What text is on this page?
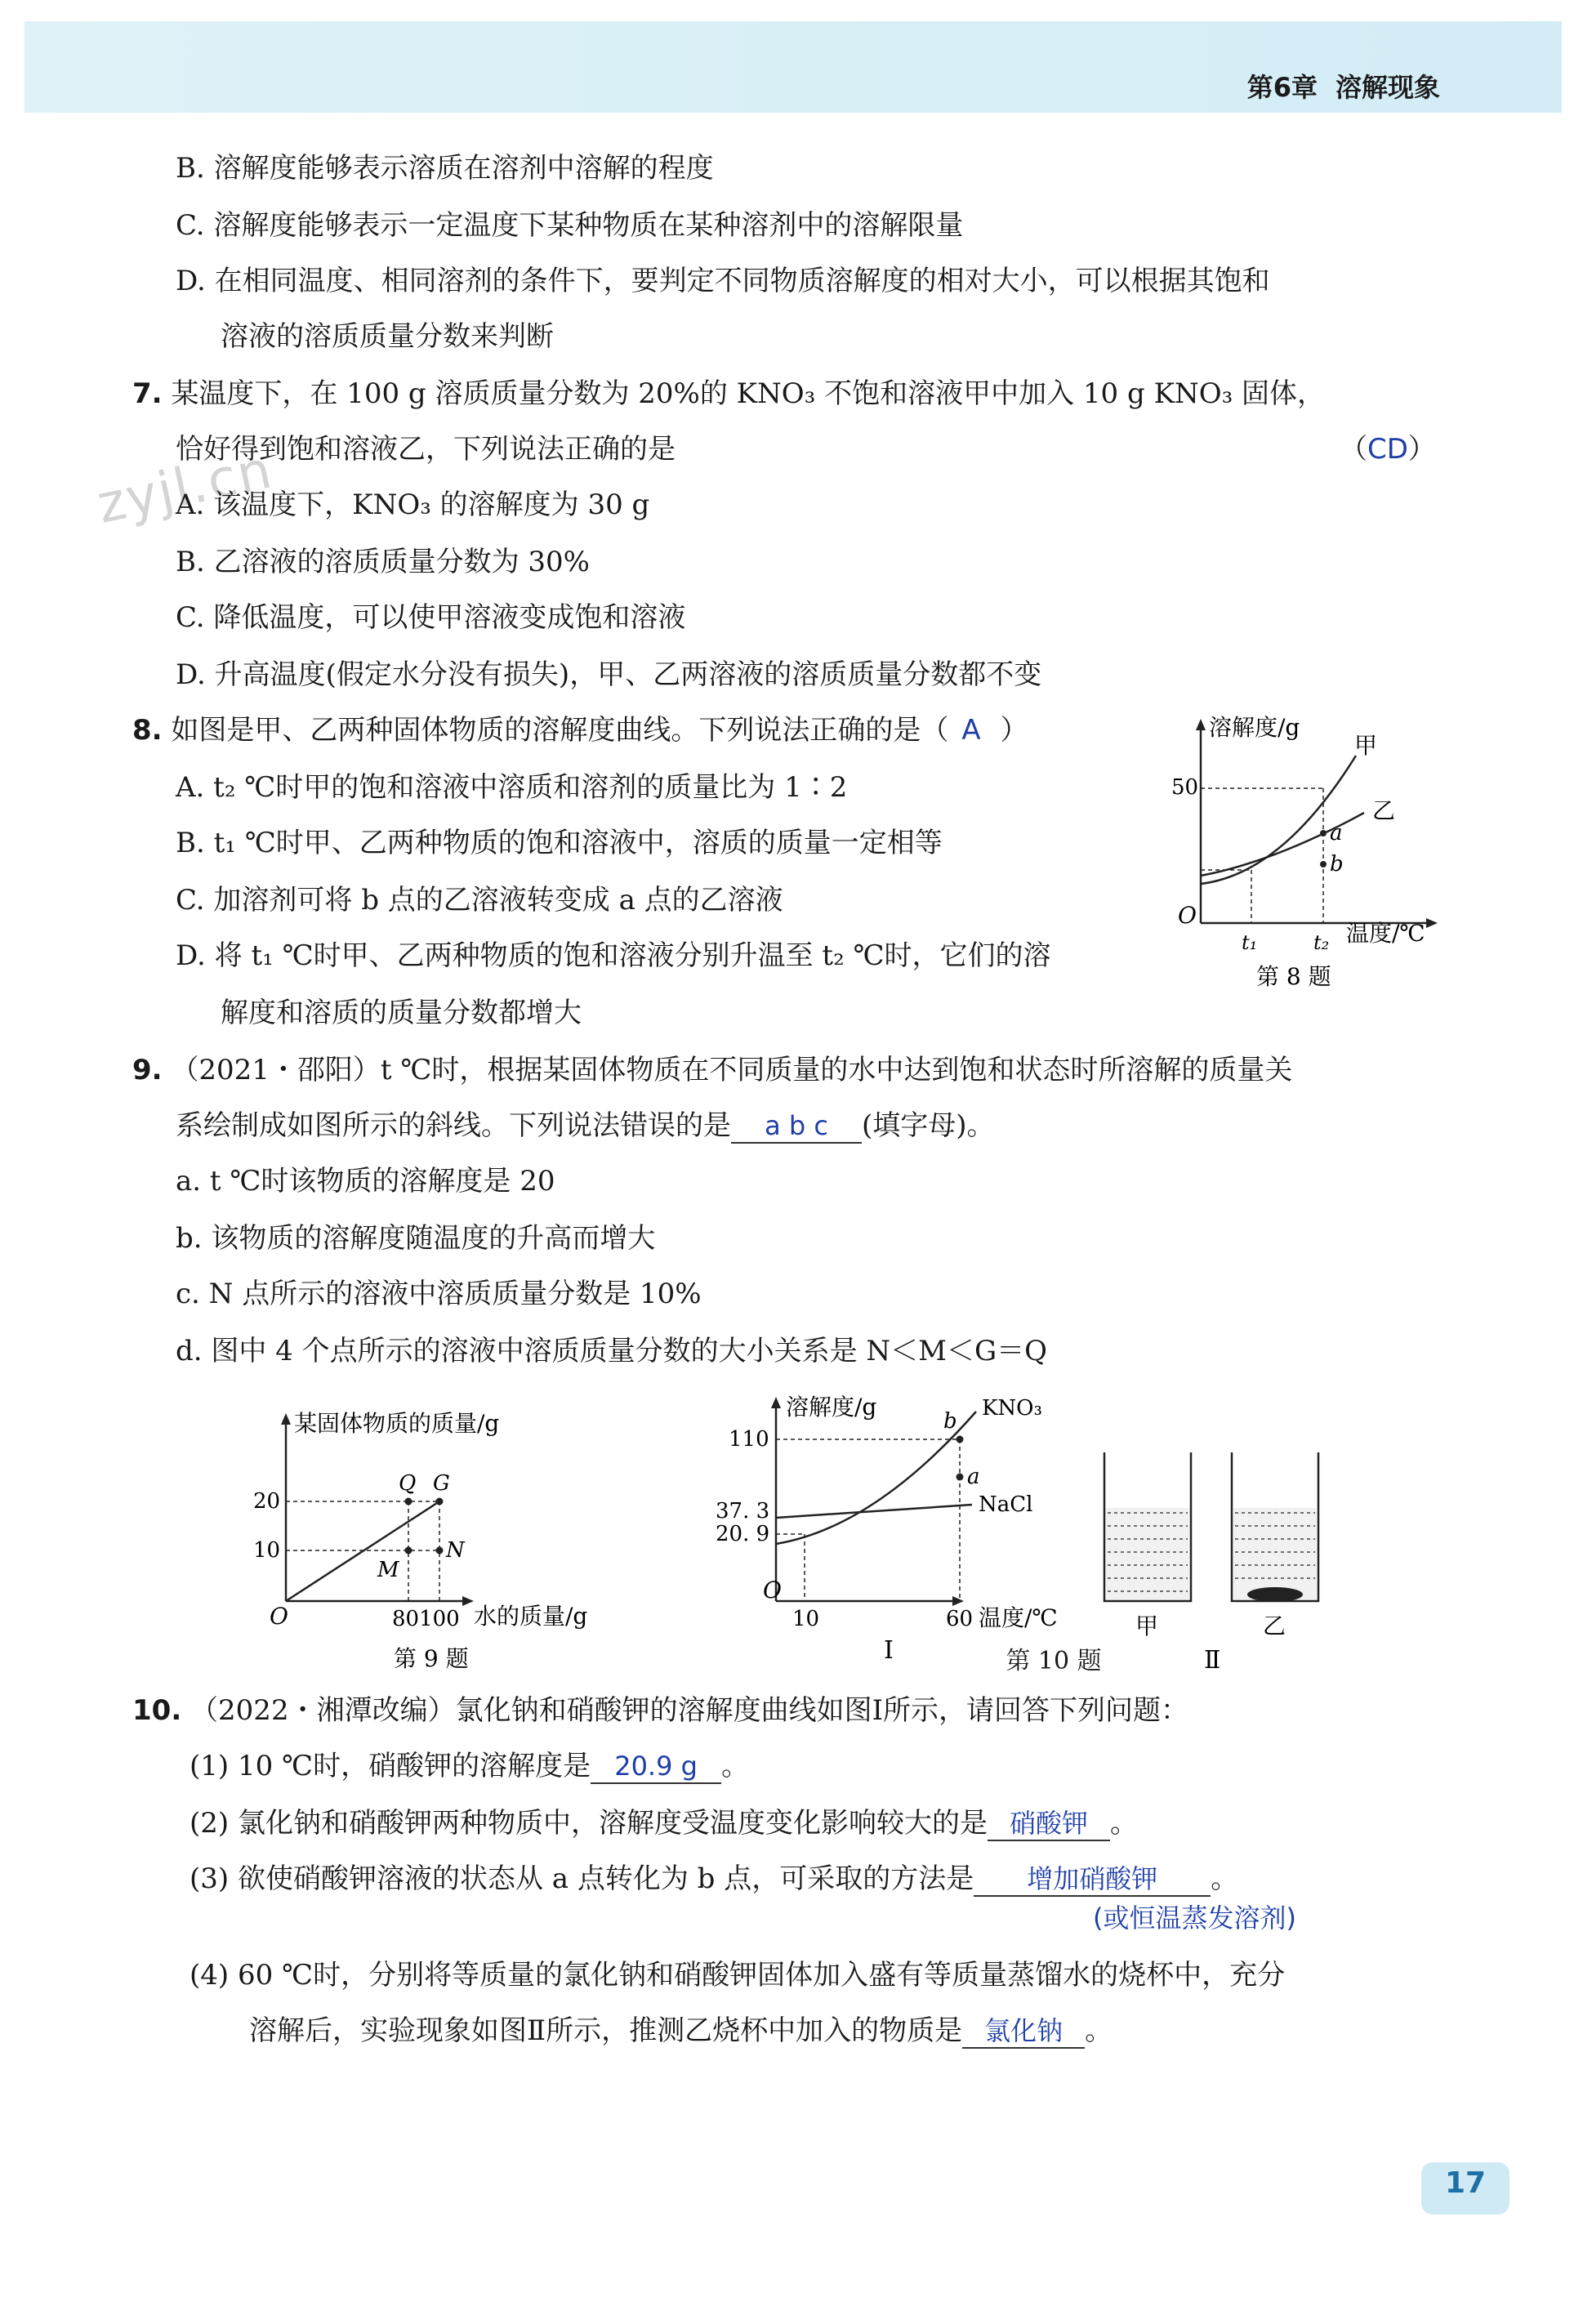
第6章 溶解现象
zyjl.cn
B. 溶解度能够表示溶质在溶剂中溶解的程度
C. 溶解度能够表示一定温度下某种物质在某种溶剂中的溶解限量
D. 在相同温度、相同溶剂的条件下，要判定不同物质溶解度的相对大小，可以根据其饱和
溶液的溶质质量分数来判断
7. 某温度下，在 100 g 溶质质量分数为 20%的 KNO₃ 不饱和溶液甲中加入 10 g KNO₃ 固体，
恰好得到饱和溶液乙，下列说法正确的是	（CD）
A. 该温度下，KNO₃ 的溶解度为 30 g
B. 乙溶液的溶质质量分数为 30%
C. 降低温度，可以使甲溶液变成饱和溶液
D. 升高温度(假定水分没有损失)，甲、乙两溶液的溶质质量分数都不变
8. 如图是甲、乙两种固体物质的溶解度曲线。下列说法正确的是（ A ）
A. t₂ ℃时甲的饱和溶液中溶质和溶剂的质量比为 1∶2
B. t₁ ℃时甲、乙两种物质的饱和溶液中，溶质的质量一定相等
C. 加溶剂可将 b 点的乙溶液转变成 a 点的乙溶液
D. 将 t₁ ℃时甲、乙两种物质的饱和溶液分别升温至 t₂ ℃时，它们的溶
解度和溶质的质量分数都增大
溶解度/g
温度/℃
O
50
甲
乙
a
b
t₁	t₂
第 8 题
9. （2021・邵阳）t ℃时，根据某固体物质在不同质量的水中达到饱和状态时所溶解的质量关
系绘制成如图所示的斜线。下列说法错误的是 a b c (填字母)。
a. t ℃时该物质的溶解度是 20
b. 该物质的溶解度随温度的升高而增大
c. N 点所示的溶液中溶质质量分数是 10%
d. 图中 4 个点所示的溶液中溶质质量分数的大小关系是 N＜M＜G＝Q
某固体物质的质量/g
水的质量/g
O
20
10
Q G
M
N
80100
第 9 题
溶解度/g
O
110
37. 3
20. 9
KNO₃
NaCl
b
a
10	60 温度/℃
Ⅰ	第 10 题
甲	乙
Ⅱ
10. （2022・湘潭改编）氯化钠和硝酸钾的溶解度曲线如图Ⅰ所示，请回答下列问题：
(1) 10 ℃时，硝酸钾的溶解度是 20.9 g 。
(2) 氯化钠和硝酸钾两种物质中，溶解度受温度变化影响较大的是 硝酸钾 。
(3) 欲使硝酸钾溶液的状态从 a 点转化为 b 点，可采取的方法是 增加硝酸钾 。
(或恒温蒸发溶剂)
(4) 60 ℃时，分别将等质量的氯化钠和硝酸钾固体加入盛有等质量蒸馏水的烧杯中，充分
溶解后，实验现象如图Ⅱ所示，推测乙烧杯中加入的物质是 氯化钠 。
17
